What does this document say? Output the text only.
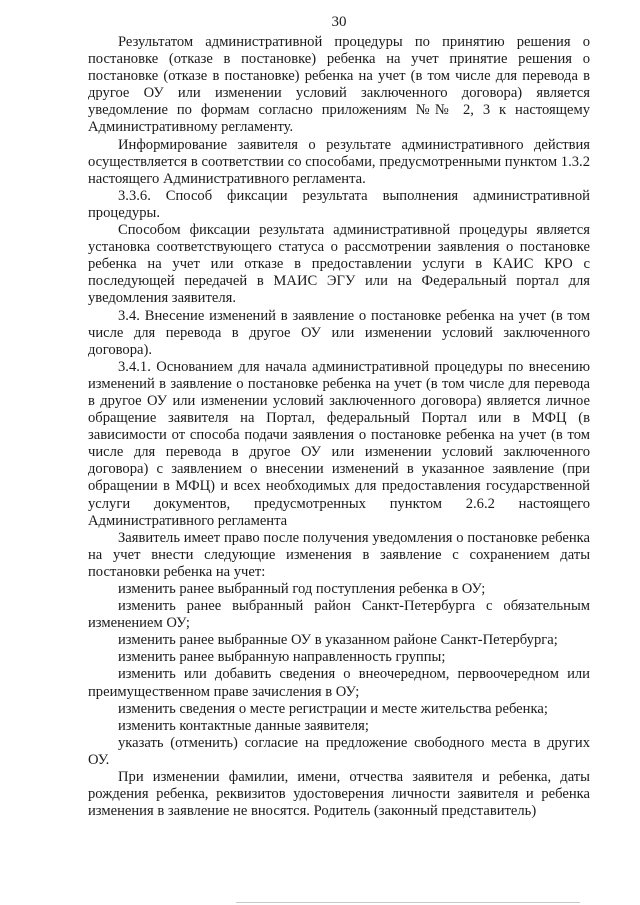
30

Результатом административной процедуры по принятию решения о постановке (отказе в постановке) ребенка на учет принятие решения о постановке (отказе в постановке) ребенка на учет (в том числе для перевода в другое ОУ или изменении условий заключенного договора) является уведомление по формам согласно приложениям №№ 2, 3 к настоящему Административному регламенту.

Информирование заявителя о результате административного действия осуществляется в соответствии со способами, предусмотренными пунктом 1.3.2 настоящего Административного регламента.

3.3.6. Способ фиксации результата выполнения административной процедуры.

Способом фиксации результата административной процедуры является установка соответствующего статуса о рассмотрении заявления о постановке ребенка на учет или отказе в предоставлении услуги в КАИС КРО с последующей передачей в МАИС ЭГУ или на Федеральный портал для уведомления заявителя.

3.4. Внесение изменений в заявление о постановке ребенка на учет (в том числе для перевода в другое ОУ или изменении условий заключенного договора).

3.4.1. Основанием для начала административной процедуры по внесению изменений в заявление о постановке ребенка на учет (в том числе для перевода в другое ОУ или изменении условий заключенного договора) является личное обращение заявителя на Портал, федеральный Портал или в МФЦ (в зависимости от способа подачи заявления о постановке ребенка на учет (в том числе для перевода в другое ОУ или изменении условий заключенного договора) с заявлением о внесении изменений в указанное заявление (при обращении в МФЦ) и всех необходимых для предоставления государственной услуги документов, предусмотренных пунктом 2.6.2 настоящего Административного регламента

Заявитель имеет право после получения уведомления о постановке ребенка на учет внести следующие изменения в заявление с сохранением даты постановки ребенка на учет:

изменить ранее выбранный год поступления ребенка в ОУ;

изменить ранее выбранный район Санкт-Петербурга с обязательным изменением ОУ;

изменить ранее выбранные ОУ в указанном районе Санкт-Петербурга;

изменить ранее выбранную направленность группы;

изменить или добавить сведения о внеочередном, первоочередном или преимущественном праве зачисления в ОУ;

изменить сведения о месте регистрации и месте жительства ребенка;

изменить контактные данные заявителя;

указать (отменить) согласие на предложение свободного места в других ОУ.

При изменении фамилии, имени, отчества заявителя и ребенка, даты рождения ребенка, реквизитов удостоверения личности заявителя и ребенка изменения в заявление не вносятся. Родитель (законный представитель)
